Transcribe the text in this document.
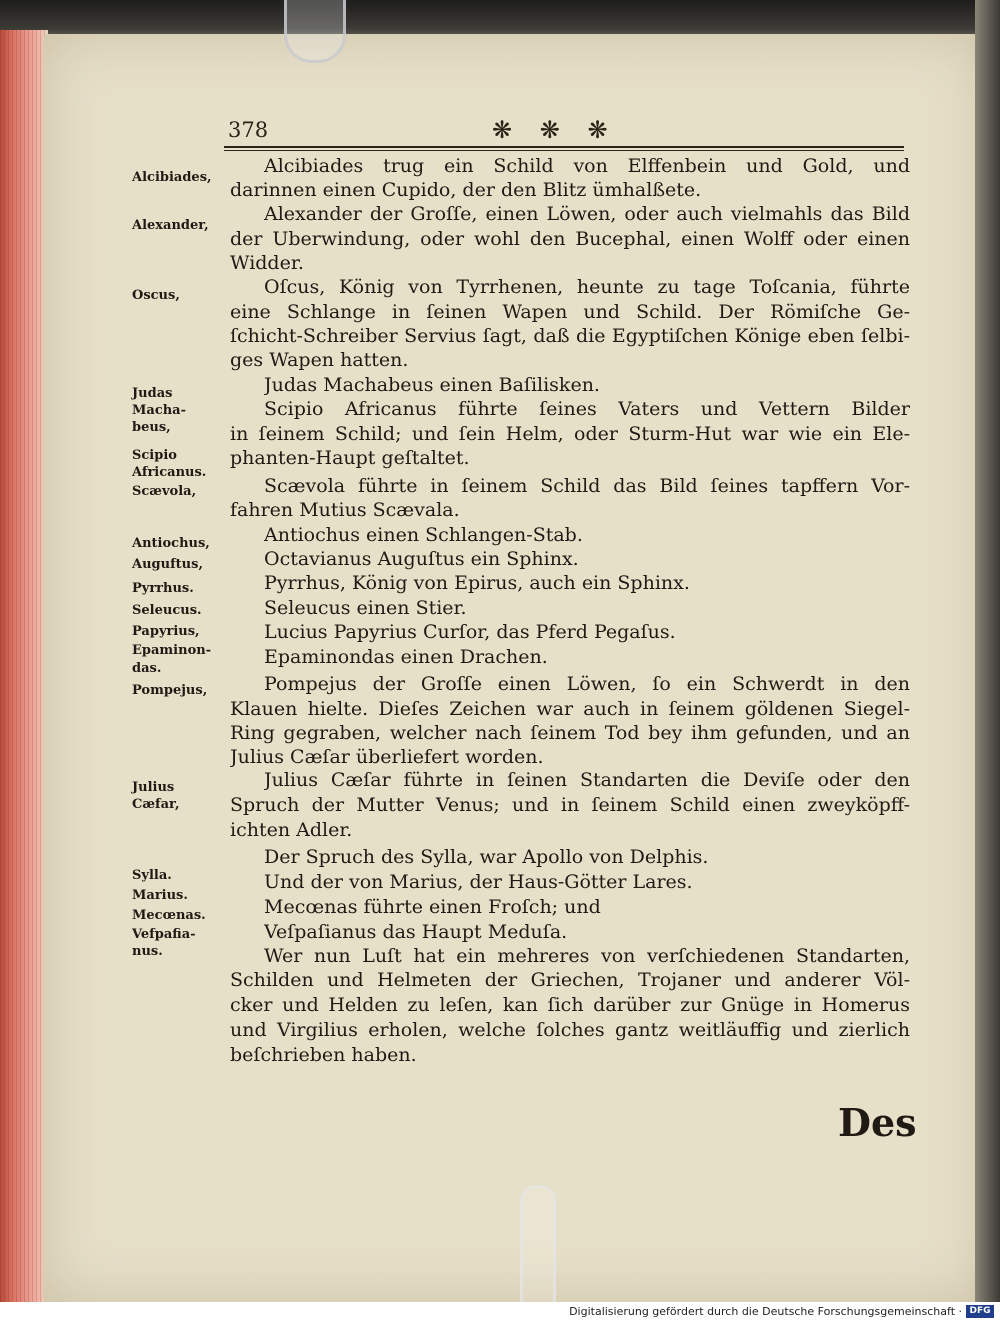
378	❋ ❋ ❋
Alcibiades,
Alexander,
Oscus,
Judas
Macha-
beus,
Scipio
Africanus.
Scævola,
Antiochus,
Auguftus,
Pyrrhus.
Seleucus.
Papyrius,
Epaminon-
das.
Pompejus,
Julius
Cæfar,
Sylla.
Marius.
Mecœnas.
Vefpafia-
nus.
Alcibiades trug ein Schild von Elffenbein und Gold, und
darinnen einen Cupido, der den Blitz ümhalßete.
Alexander der Groſſe, einen Löwen, oder auch vielmahls das Bild
der Uberwindung, oder wohl den Bucephal, einen Wolff oder einen
Widder.
Oſcus, König von Tyrrhenen, heunte zu tage Toſcania, führte
eine Schlange in ſeinen Wapen und Schild. Der Römiſche Ge-
ſchicht-Schreiber Servius ſagt, daß die Egyptiſchen Könige eben ſelbi-
ges Wapen hatten.
Judas Machabeus einen Baſilisken.
Scipio Africanus führte ſeines Vaters und Vettern Bilder
in ſeinem Schild; und ſein Helm, oder Sturm-Hut war wie ein Ele-
phanten-Haupt geſtaltet.
Scævola führte in ſeinem Schild das Bild ſeines tapffern Vor-
fahren Mutius Scævala.
Antiochus einen Schlangen-Stab.
Octavianus Auguſtus ein Sphinx.
Pyrrhus, König von Epirus, auch ein Sphinx.
Seleucus einen Stier.
Lucius Papyrius Curſor, das Pferd Pegaſus.
Epaminondas einen Drachen.
Pompejus der Groſſe einen Löwen, ſo ein Schwerdt in den
Klauen hielte. Dieſes Zeichen war auch in ſeinem göldenen Siegel-
Ring gegraben, welcher nach ſeinem Tod bey ihm gefunden, und an
Julius Cæſar überliefert worden.
Julius Cæſar führte in ſeinen Standarten die Deviſe oder den
Spruch der Mutter Venus; und in ſeinem Schild einen zweyköpff-
ichten Adler.
Der Spruch des Sylla, war Apollo von Delphis.
Und der von Marius, der Haus-Götter Lares.
Mecœnas führte einen Froſch; und
Veſpaſianus das Haupt Meduſa.
Wer nun Luſt hat ein mehreres von verſchiedenen Standarten,
Schilden und Helmeten der Griechen, Trojaner und anderer Völ-
cker und Helden zu leſen, kan ſich darüber zur Gnüge in Homerus
und Virgilius erholen, welche ſolches gantz weitläuffig und zierlich
beſchrieben haben.
Des
Digitalisierung gefördert durch die Deutsche Forschungsgemeinschaft · DFG
